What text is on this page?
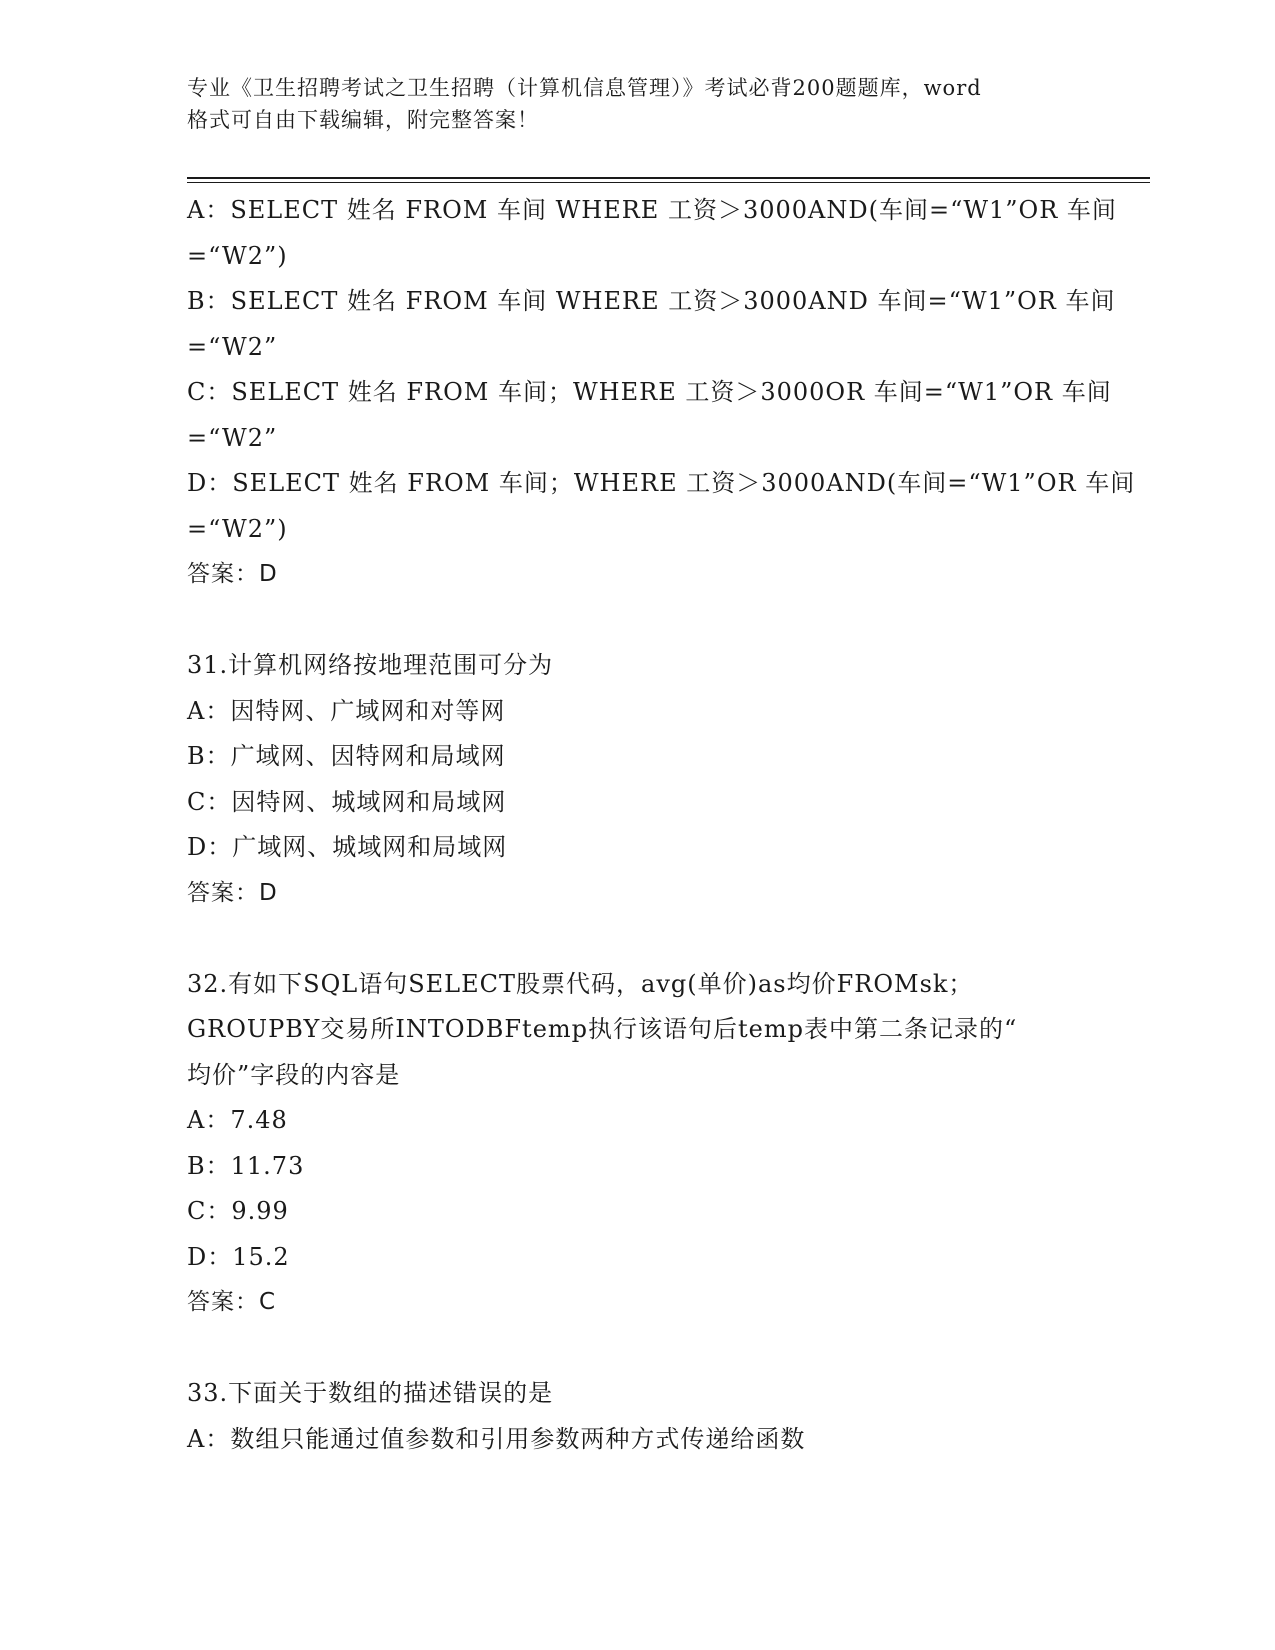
专业《卫生招聘考试之卫生招聘（计算机信息管理）》考试必背200题题库，word
格式可自由下载编辑，附完整答案！
A：SELECT 姓名 FROM 车间 WHERE 工资＞3000AND(车间=“W1”OR 车间
=“W2”)
B：SELECT 姓名 FROM 车间 WHERE 工资＞3000AND 车间=“W1”OR 车间
=“W2”
C：SELECT 姓名 FROM 车间；WHERE 工资＞3000OR 车间=“W1”OR 车间
=“W2”
D：SELECT 姓名 FROM 车间；WHERE 工资＞3000AND(车间=“W1”OR 车间
=“W2”)
答案：D
31.计算机网络按地理范围可分为
A：因特网、广域网和对等网
B：广域网、因特网和局域网
C：因特网、城域网和局域网
D：广域网、城域网和局域网
答案：D
32.有如下SQL语句SELECT股票代码，avg(单价)as均价FROMsk；
GROUPBY交易所INTODBFtemp执行该语句后temp表中第二条记录的“
均价”字段的内容是
A：7.48
B：11.73
C：9.99
D：15.2
答案：C
33.下面关于数组的描述错误的是
A：数组只能通过值参数和引用参数两种方式传递给函数
